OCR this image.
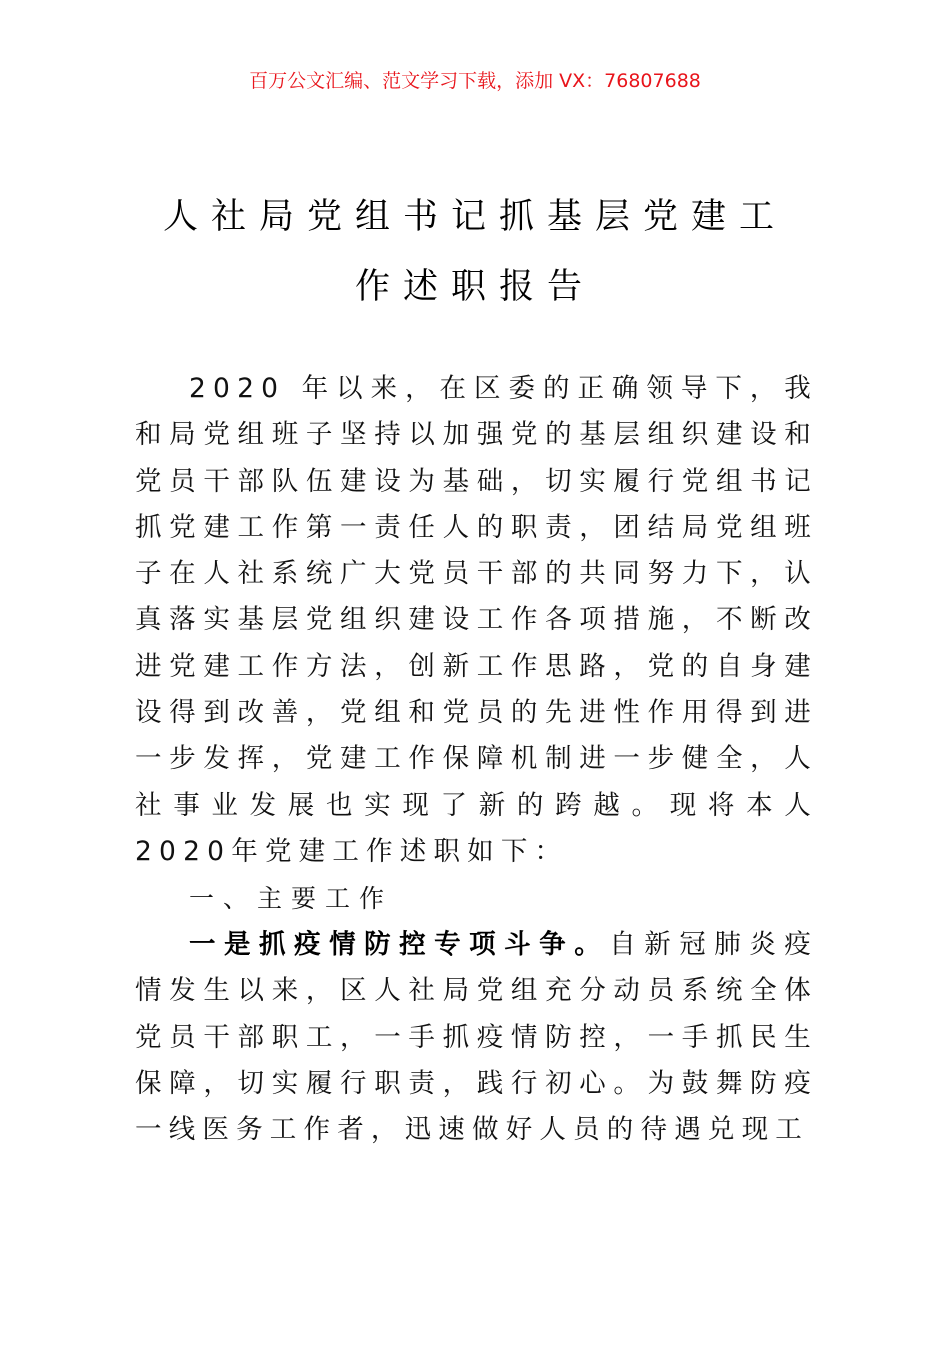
百万公文汇编、范文学习下载，添加 VX：76807688
人社局党组书记抓基层党建工
作述职报告

2020 年以来，在区委的正确领导下，我和局党组班子坚持以加强党的基层组织建设和党员干部队伍建设为基础，切实履行党组书记抓党建工作第一责任人的职责，团结局党组班子在人社系统广大党员干部的共同努力下，认真落实基层党组织建设工作各项措施，不断改进党建工作方法，创新工作思路，党的自身建设得到改善，党组和党员的先进性作用得到进一步发挥，党建工作保障机制进一步健全，人社事业发展也实现了新的跨越。现将本人 2020年党建工作述职如下：

一、主要工作

一是抓疫情防控专项斗争。自新冠肺炎疫情发生以来，区人社局党组充分动员系统全体党员干部职工，一手抓疫情防控，一手抓民生保障，切实履行职责，践行初心。为鼓舞防疫一线医务工作者，迅速做好人员的待遇兑现工
